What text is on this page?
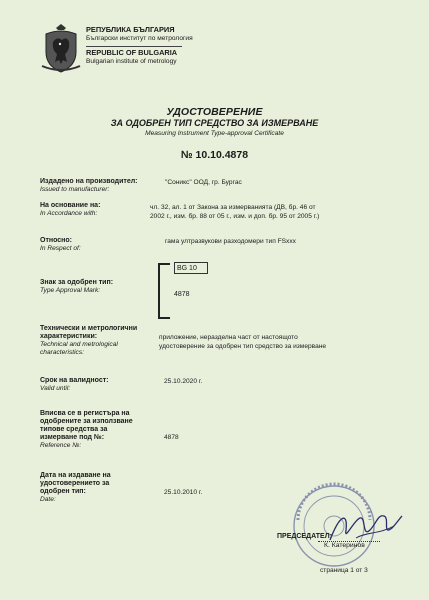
РЕПУБЛИКА БЪЛГАРИЯ
Български институт по метрология
REPUBLIC OF BULGARIA
Bulgarian institute of metrology
УДОСТОВЕРЕНИЕ
ЗА ОДОБРЕН ТИП СРЕДСТВО ЗА ИЗМЕРВАНЕ
Measuring Instrument Type-approval Certificate
№ 10.10.4878
Издадено на производител:
Issued to manufacturer:
"Соникс" ООД, гр. Бургас
На основание на:
In Accordance with:
чл. 32, ал. 1 от Закона за измерванията (ДВ, бр. 46 от
2002 г., изм. бр. 88 от 05 г., изм. и доп. бр. 95 от 2005 г.)
Относно:
In Respect of:
гама ултразвукови разходомери тип FSxxx
Знак за одобрен тип:
Type Approval Mark:
BG 10
4878
Технически и метрологични
характеристики:
Technical and metrological
characteristics:
приложение, неразделна част от настоящото
удостоверение за одобрен тип средство за измерване
Срок на валидност:
Valid until:
25.10.2020 г.
Вписва се в регистъра на
одобрените за използване
типове средства за
измерване под №:
Reference №:
4878
Дата на издаване на
удостоверението за
одобрен тип:
Date:
25.10.2010 г.
ПРЕДСЕДАТЕЛ:
К. Катеринов
страница 1 от 3
